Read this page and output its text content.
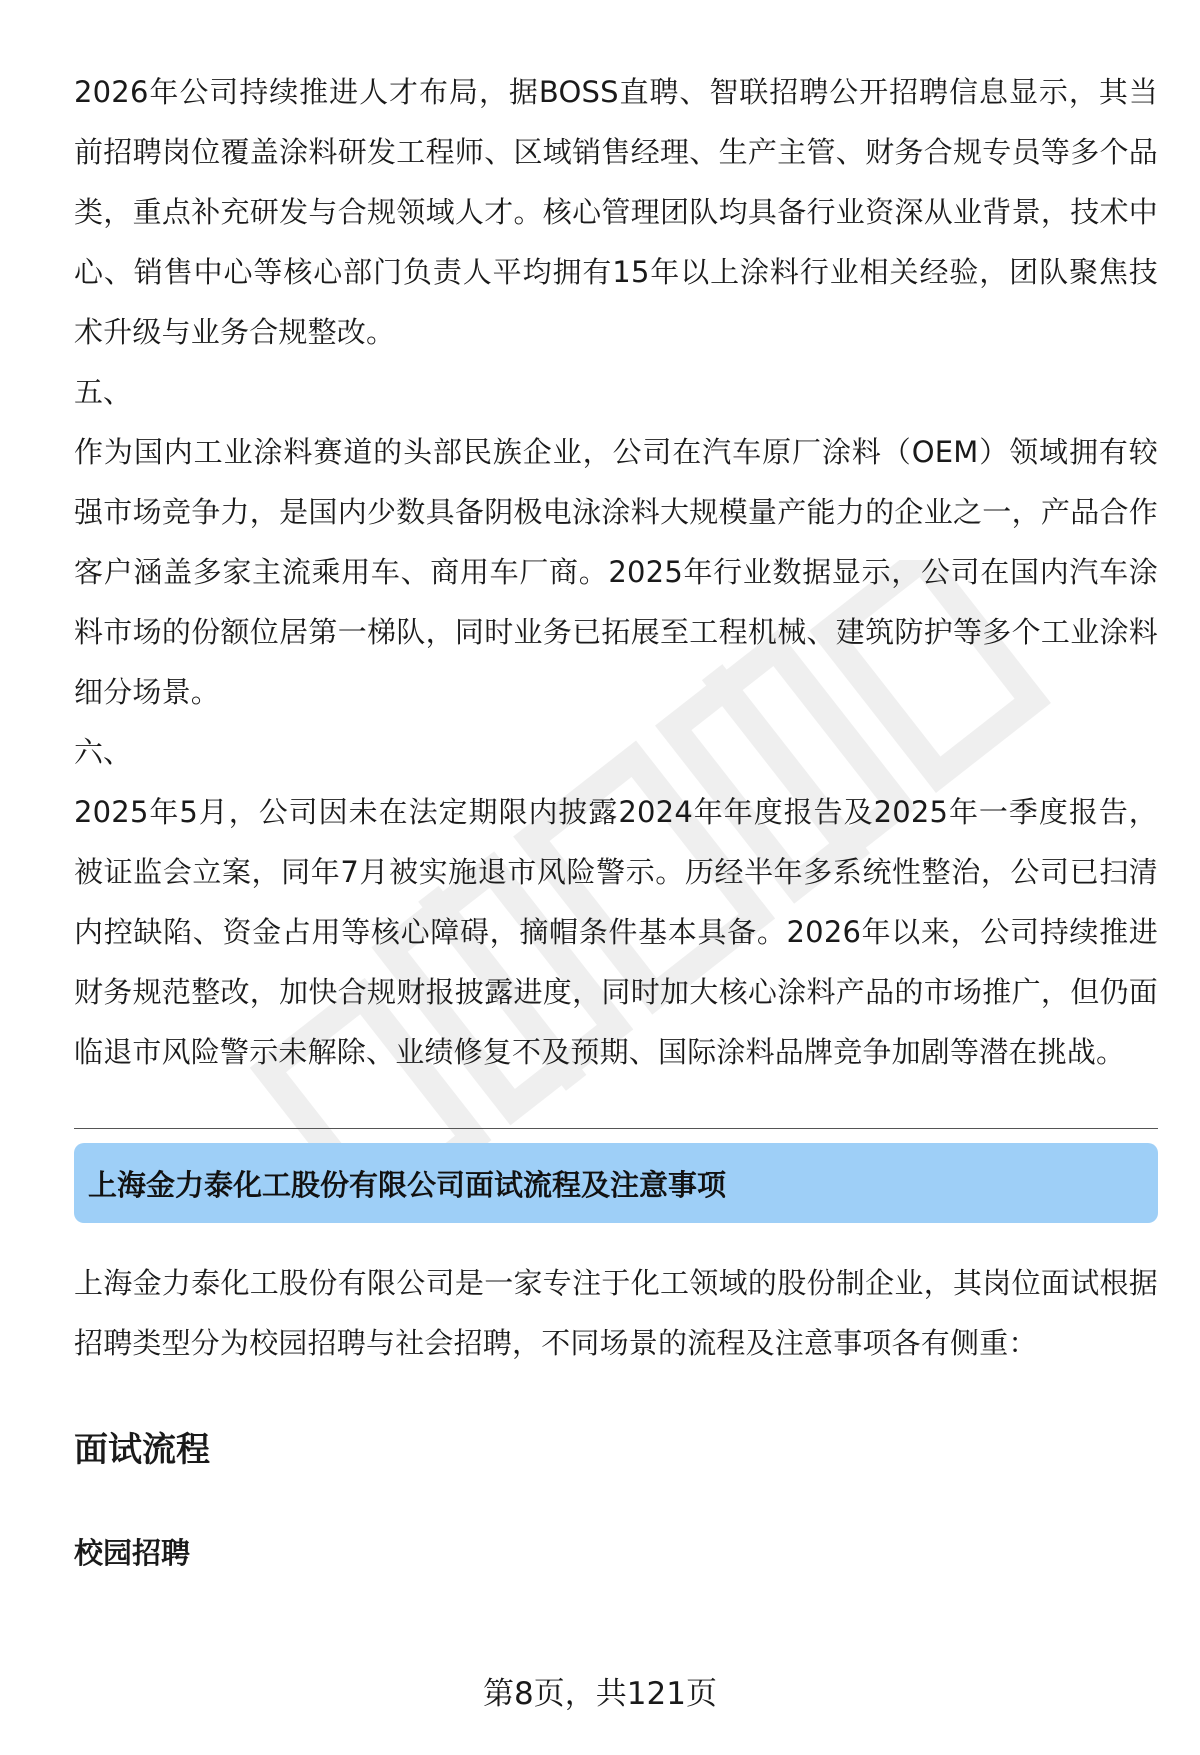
2026年公司持续推进人才布局，据BOSS直聘、智联招聘公开招聘信息显示，其当前招聘岗位覆盖涂料研发工程师、区域销售经理、生产主管、财务合规专员等多个品类，重点补充研发与合规领域人才。核心管理团队均具备行业资深从业背景，技术中心、销售中心等核心部门负责人平均拥有15年以上涂料行业相关经验，团队聚焦技术升级与业务合规整改。

五、

作为国内工业涂料赛道的头部民族企业，公司在汽车原厂涂料（OEM）领域拥有较强市场竞争力，是国内少数具备阴极电泳涂料大规模量产能力的企业之一，产品合作客户涵盖多家主流乘用车、商用车厂商。2025年行业数据显示，公司在国内汽车涂料市场的份额位居第一梯队，同时业务已拓展至工程机械、建筑防护等多个工业涂料细分场景。

六、

2025年5月，公司因未在法定期限内披露2024年年度报告及2025年一季度报告，被证监会立案，同年7月被实施退市风险警示。历经半年多系统性整治，公司已扫清内控缺陷、资金占用等核心障碍，摘帽条件基本具备。2026年以来，公司持续推进财务规范整改，加快合规财报披露进度，同时加大核心涂料产品的市场推广，但仍面临退市风险警示未解除、业绩修复不及预期、国际涂料品牌竞争加剧等潜在挑战。

上海金力泰化工股份有限公司面试流程及注意事项

上海金力泰化工股份有限公司是一家专注于化工领域的股份制企业，其岗位面试根据招聘类型分为校园招聘与社会招聘，不同场景的流程及注意事项各有侧重：

面试流程
校园招聘
第8页，共121页
